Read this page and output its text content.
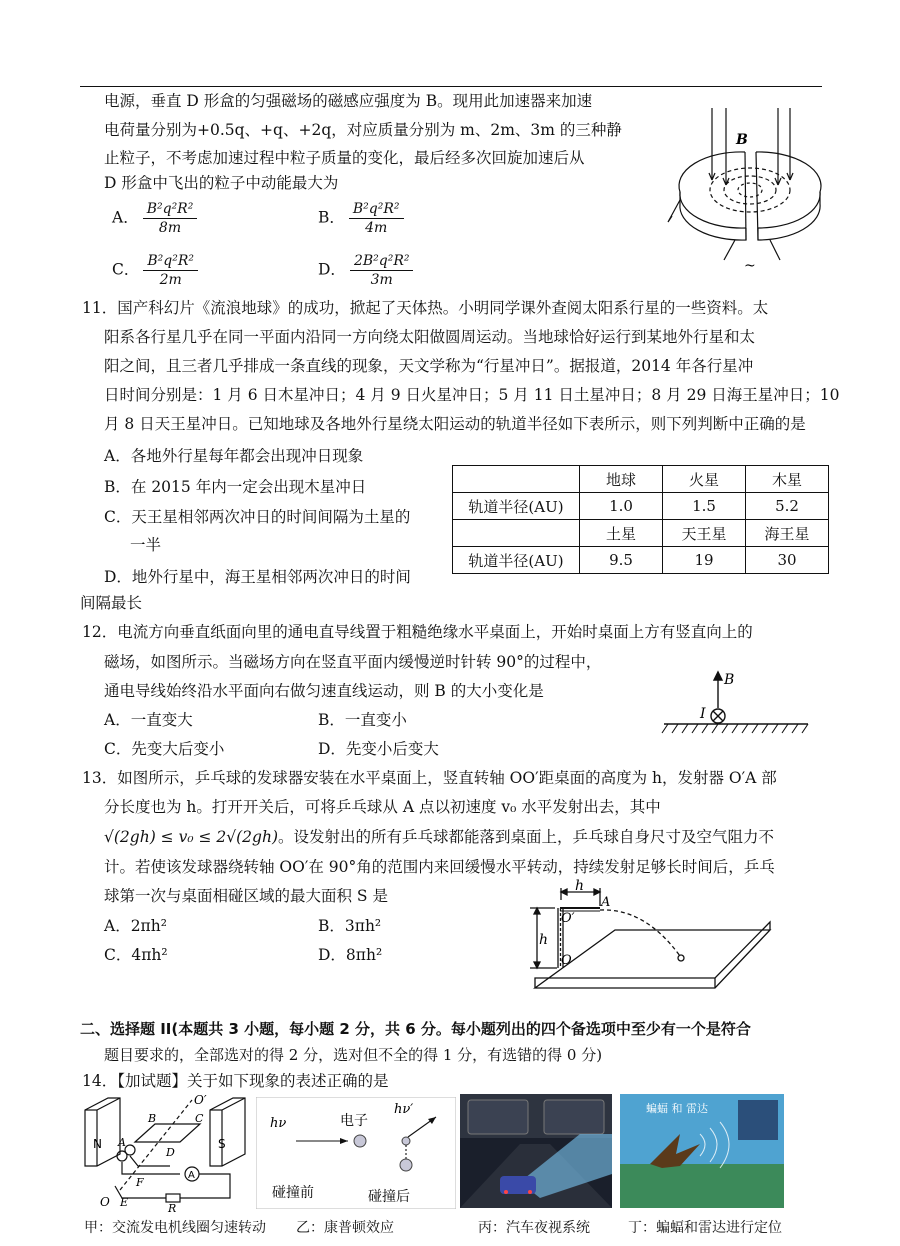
电源，垂直 D 形盒的匀强磁场的磁感应强度为 B。现用此加速器来加速
电荷量分别为+0.5q、+q、+2q，对应质量分别为 m、2m、3m 的三种静
止粒子，不考虑加速过程中粒子质量的变化，最后经多次回旋加速后从
D 形盒中飞出的粒子中动能最大为
A． $\frac{\text{B²q²R²}}{8m}$	B． $\frac{\text{B²q²R²}}{4m}$
C． $\frac{\text{B²q²R²}}{2m}$	D． $\frac{\text{2B²q²R²}}{3m}$
B
~
11．国产科幻片《流浪地球》的成功，掀起了天体热。小明同学课外查阅太阳系行星的一些资料。太
阳系各行星几乎在同一平面内沿同一方向绕太阳做圆周运动。当地球恰好运行到某地外行星和太
阳之间，且三者几乎排成一条直线的现象，天文学称为“行星冲日”。据报道，2014 年各行星冲
日时间分别是：1 月 6 日木星冲日；4 月 9 日火星冲日；5 月 11 日土星冲日；8 月 29 日海王星冲日；10
月 8 日天王星冲日。已知地球及各地外行星绕太阳运动的轨道半径如下表所示，则下列判断中正确的是
A．各地外行星每年都会出现冲日现象
B．在 2015 年内一定会出现木星冲日
C．天王星相邻两次冲日的时间间隔为土星的
一半
D．地外行星中，海王星相邻两次冲日的时间
间隔最长
	地球	火星	木星
轨道半径(AU)	1.0	1.5	5.2
	土星	天王星	海王星
轨道半径(AU)	9.5	19	30
12．电流方向垂直纸面向里的通电直导线置于粗糙绝缘水平桌面上，开始时桌面上方有竖直向上的
磁场，如图所示。当磁场方向在竖直平面内缓慢逆时针转 90°的过程中，
通电导线始终沿水平面向右做匀速直线运动，则 B 的大小变化是
A．一直变大	B．一直变小
C．先变大后变小	D．先变小后变大
B
I
13．如图所示，乒乓球的发球器安装在水平桌面上，竖直转轴 OO′距桌面的高度为 h，发射器 O′A 部
分长度也为 h。打开开关后，可将乒乓球从 A 点以初速度 v₀ 水平发射出去，其中
√(2gh) ≤ v₀ ≤ 2√(2gh)。设发射出的所有乒乓球都能落到桌面上，乒乓球自身尺寸及空气阻力不
计。若使该发球器绕转轴 OO′在 90°角的范围内来回缓慢水平转动，持续发射足够长时间后，乒乓
球第一次与桌面相碰区域的最大面积 S 是
A．2πh²	B．3πh²
C．4πh²	D．8πh²
h
O′
A
h
O
二、选择题 II(本题共 3 小题，每小题 2 分，共 6 分。每小题列出的四个备选项中至少有一个是符合
题目要求的，全部选对的得 2 分，选对但不全的得 1 分，有选错的得 0 分)
14．【加试题】关于如下现象的表述正确的是
N	S
O′
B	C
A
D
A
F
O E	R
hν	电子
hν′
碰撞前	碰撞后
蝙蝠 和 雷达
甲：交流发电机线圈匀速转动 乙：康普顿效应	丙：汽车夜视系统	丁：蝙蝠和雷达进行定位
